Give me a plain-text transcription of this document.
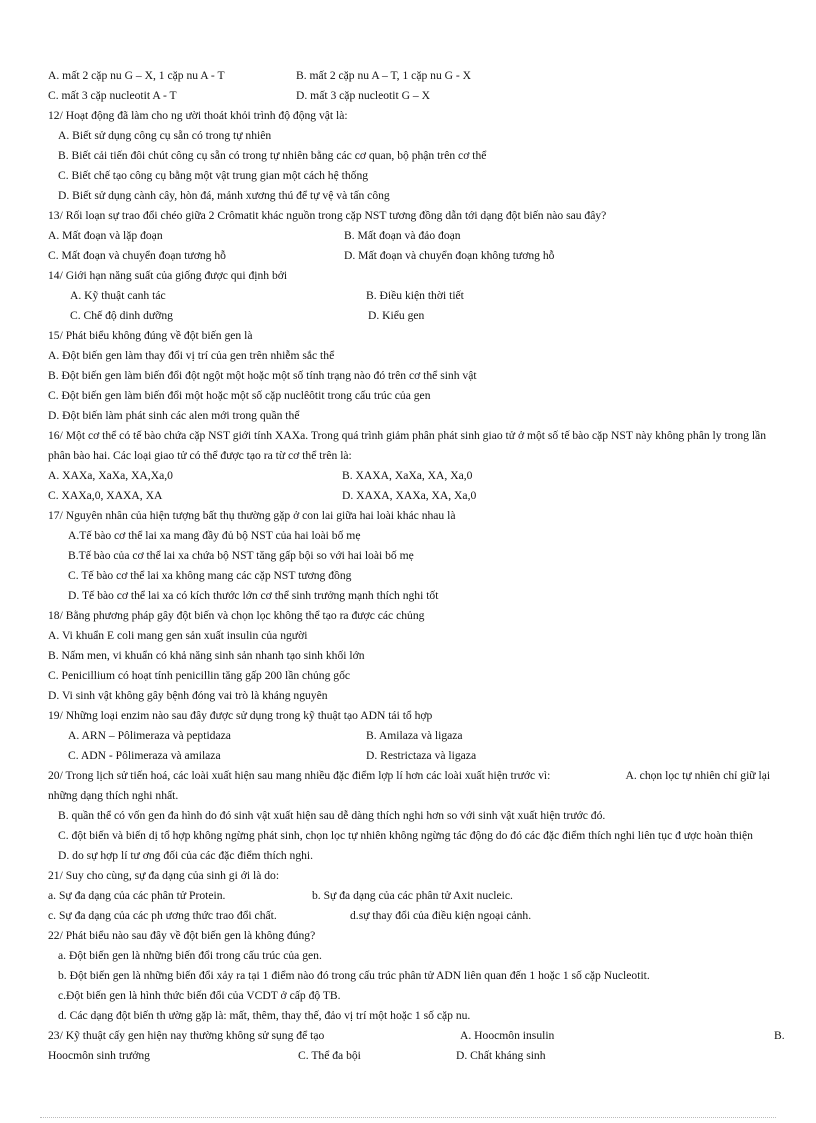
A. mất 2 cặp nu G – X, 1 cặp nu A - T	B. mất 2 cặp nu A – T, 1 cặp nu G - X
C. mất 3 cặp nucleotit A - T	D. mất 3 cặp nucleotit G – X
12/ Hoạt động đã làm cho ng ười thoát khỏi trình độ động vật là:
A. Biết sử dụng công cụ sẵn có trong tự nhiên
B. Biết cải tiến đôi chút công cụ sẵn có trong tự nhiên bằng các cơ quan, bộ phận trên cơ thể
C. Biết chế tạo công cụ bằng một vật trung gian một cách hệ thống
D. Biết sử dụng cành cây, hòn đá, mảnh xương thú để tự vệ và tấn công
13/ Rối loạn sự trao đổi chéo giữa 2 Crômatit khác nguồn trong cặp NST tương đồng dẫn tới dạng đột biến nào sau đây?
A. Mất đoạn và lặp đoạn	B. Mất đoạn và đảo đoạn
C. Mất đoạn và chuyển đoạn tương hỗ	D. Mất đoạn và chuyển đoạn không tương hỗ
14/ Giới hạn năng suất của giống được qui định bởi
A. Kỹ thuật canh tác	B. Điều kiện thời tiết
C. Chế độ dinh dưỡng	D. Kiểu gen
15/ Phát biểu không đúng về đột biến gen là
A. Đột biến gen làm thay đổi vị trí của gen trên nhiễm sắc thể
B. Đột biến gen làm biến đổi đột ngột một hoặc một số tính trạng nào đó trên cơ thể sinh vật
C. Đột biến gen làm biến đổi một hoặc một số cặp nuclêôtit trong cấu trúc của gen
D. Đột biến làm phát sinh các alen mới trong quần thể
16/ Một cơ thể có tế bào chứa cặp NST giới tính XAXa. Trong quá trình giảm phân phát sinh giao tử ở một số tế bào cặp NST này không phân ly trong lần phân bào hai. Các loại giao tử có thể được tạo ra từ cơ thể trên là:
A. XAXa, XaXa, XA,Xa,0	B. XAXA, XaXa, XA, Xa,0
C. XAXa,0, XAXA, XA	D. XAXA, XAXa, XA, Xa,0
17/ Nguyên nhân của hiện tượng bất thụ thường gặp ở con lai giữa hai loài khác nhau là
A.Tế bào cơ thể lai xa mang đầy đủ bộ NST của hai loài bố mẹ
B.Tế bào của cơ thể lai xa chứa bộ NST tăng gấp bội so với hai loài bố mẹ
C. Tế bào cơ thể lai xa không mang các cặp NST tương đồng
D. Tế bào cơ thể lai xa có kích thước lớn cơ thể sinh trưởng mạnh thích nghi tốt
18/ Bằng phương pháp gây đột biến và chọn lọc không thể tạo ra được các chủng
A. Vi khuẩn E coli mang gen sản xuất insulin của người
B. Nấm men, vi khuẩn có khả năng sinh sản nhanh tạo sinh khối lớn
C. Penicillium có hoạt tính penicillin tăng gấp 200 lần chủng gốc
D. Vi sinh vật không gây bệnh đóng vai trò là kháng nguyên
19/ Những loại enzim nào sau đây được sử dụng trong kỹ thuật tạo ADN tái tổ hợp
A. ARN – Pôlimeraza và peptidaza	B. Amilaza và ligaza
C. ADN - Pôlimeraza và amilaza	D. Restrictaza và ligaza
20/ Trong lịch sử tiến hoá, các loài xuất hiện sau mang nhiều đặc điểm lợp lí hơn các loài xuất hiện trước vì:	A. chọn lọc tự nhiên chỉ giữ lại những dạng thích nghi nhất.
B. quần thể có vốn gen đa hình do đó sinh vật xuất hiện sau dễ dàng thích nghi hơn so với sinh vật xuất hiện trước đó.
C. đột biến và biến dị tổ hợp không ngừng phát sinh, chọn lọc tự nhiên không ngừng tác động do đó các đặc điểm thích nghi liên tục đ ược hoàn thiện
D. do sự hợp lí tư ơng đối của các đặc điểm thích nghi.
21/ Suy cho cùng, sự đa dạng của sinh gi ới là do:
a. Sự đa dạng của các phân tử Protein.	b. Sự đa dạng của các phân tử Axit nucleic.
c. Sự đa dạng của các ph ương thức trao đổi chất.	d.sự thay đổi của điều kiện ngoại cảnh.
22/ Phát biểu nào sau đây về đột biến gen là không đúng?
a. Đột biến gen là những biến đổi trong cấu trúc của gen.
b. Đột biến gen là những biến đổi xảy ra tại 1 điểm nào đó trong cấu trúc phân tử ADN liên quan đến 1 hoặc 1 số cặp Nucleotit.
c.Đột biến gen là hình thức biến đổi của VCDT ở cấp độ TB.
d. Các dạng đột biến th ường gặp là: mất, thêm, thay thế, đảo vị trí một hoặc 1 số cặp nu.
23/ Kỹ thuật cấy gen hiện nay thường không sử sụng để tạo	A. Hoocmôn insulin	B.
Hoocmôn sinh trưởng	C. Thể đa bội	D. Chất kháng sinh
